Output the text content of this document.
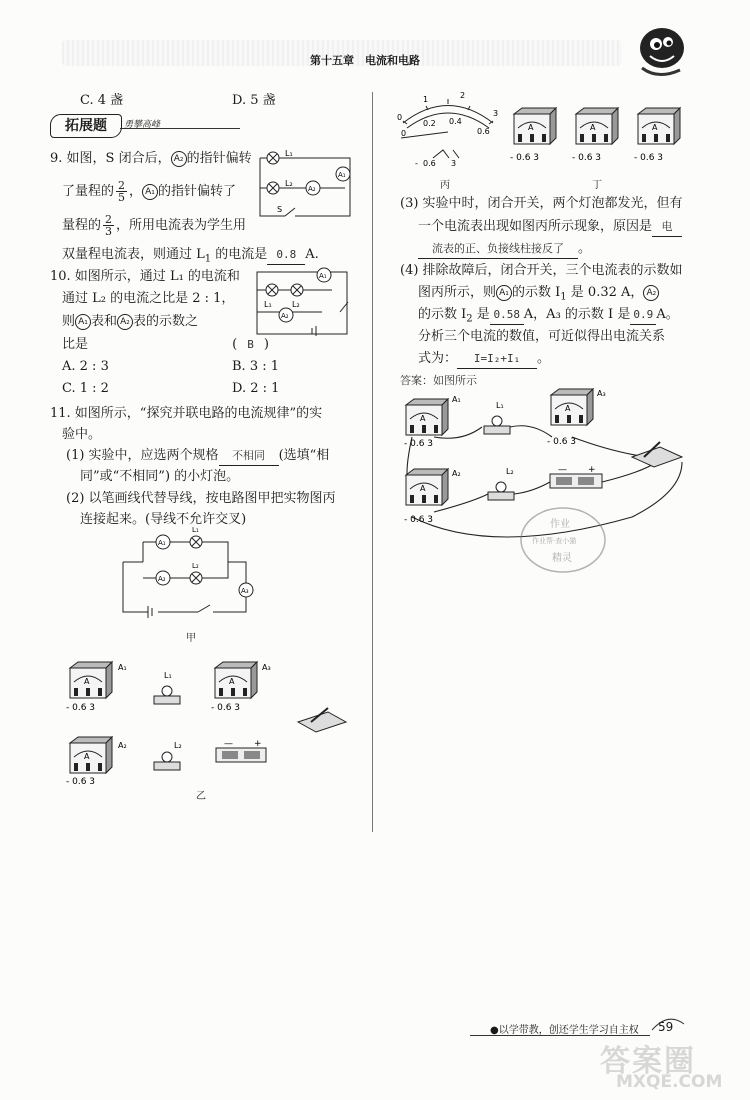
第十五章　电流和电路
C. 4 盏	D. 5 盏
拓展题	勇攀高峰
9. 如图，S 闭合后， A₂ 的指针偏转
了量程的 $\frac{2}{5}$ ， A₁ 的指针偏转了
量程的 $\frac{2}{3}$ ，所用电流表为学生用
双量程电流表，则通过 $L_1$ 的电流是 0.8 A.
L₁
L₂
A₂
A₁
S
10. 如图所示，通过 L₁ 的电流和
通过 L₂ 的电流之比是 2 : 1，
则 A₁ 表和 A₂ 表的示数之
比是	( B )
A. 2 : 3	B. 3 : 1
C. 1 : 2	D. 2 : 1
L₁	L₂
A₁
A₂
11. 如图所示，“探究并联电路的电流规律”的实
验中。
(1) 实验中，应选两个规格 不相同 (选填“相
同”或“不相同”) 的小灯泡。
(2) 以笔画线代替导线，按电路图甲把实物图丙
连接起来。(导线不允许交叉)
A₁
A₂
A₃
L₁
L₂
甲
A
A₁
- 0.6 3
L₁
A
A₃
- 0.6 3
A
A₂
- 0.6 3
L₂	— +
乙
0
1	2
3
0
0.2 0.4
0.6
- 0.6 3
丙
A	A	A
- 0.6 3	- 0.6 3	- 0.6 3
丁
(3) 实验中时，闭合开关，两个灯泡都发光，但有
一个电流表出现如图丙所示现象，原因是 电
流表的正、负接线柱接反了 。
(4) 排除故障后，闭合开关，三个电流表的示数如
图丙所示，则 A₁ 的示数 $I_1$ 是 0.32 A， A₂
的示数 $I_2$ 是 0.58 A，A₃ 的示数 I 是 0.9 A。
分析三个电流的数值，可近似得出电流关系
式为： I=I₂+I₁ 。
答案：如图所示
A
A₁
- 0.6 3
L₁	A
A₃
- 0.6 3
A
A₂
- 0.6 3
L₂	— +
作业
作业帮·查小猫
精灵
●以学带教，创还学生学习自主权 59
答案圈
MXQE.COM
